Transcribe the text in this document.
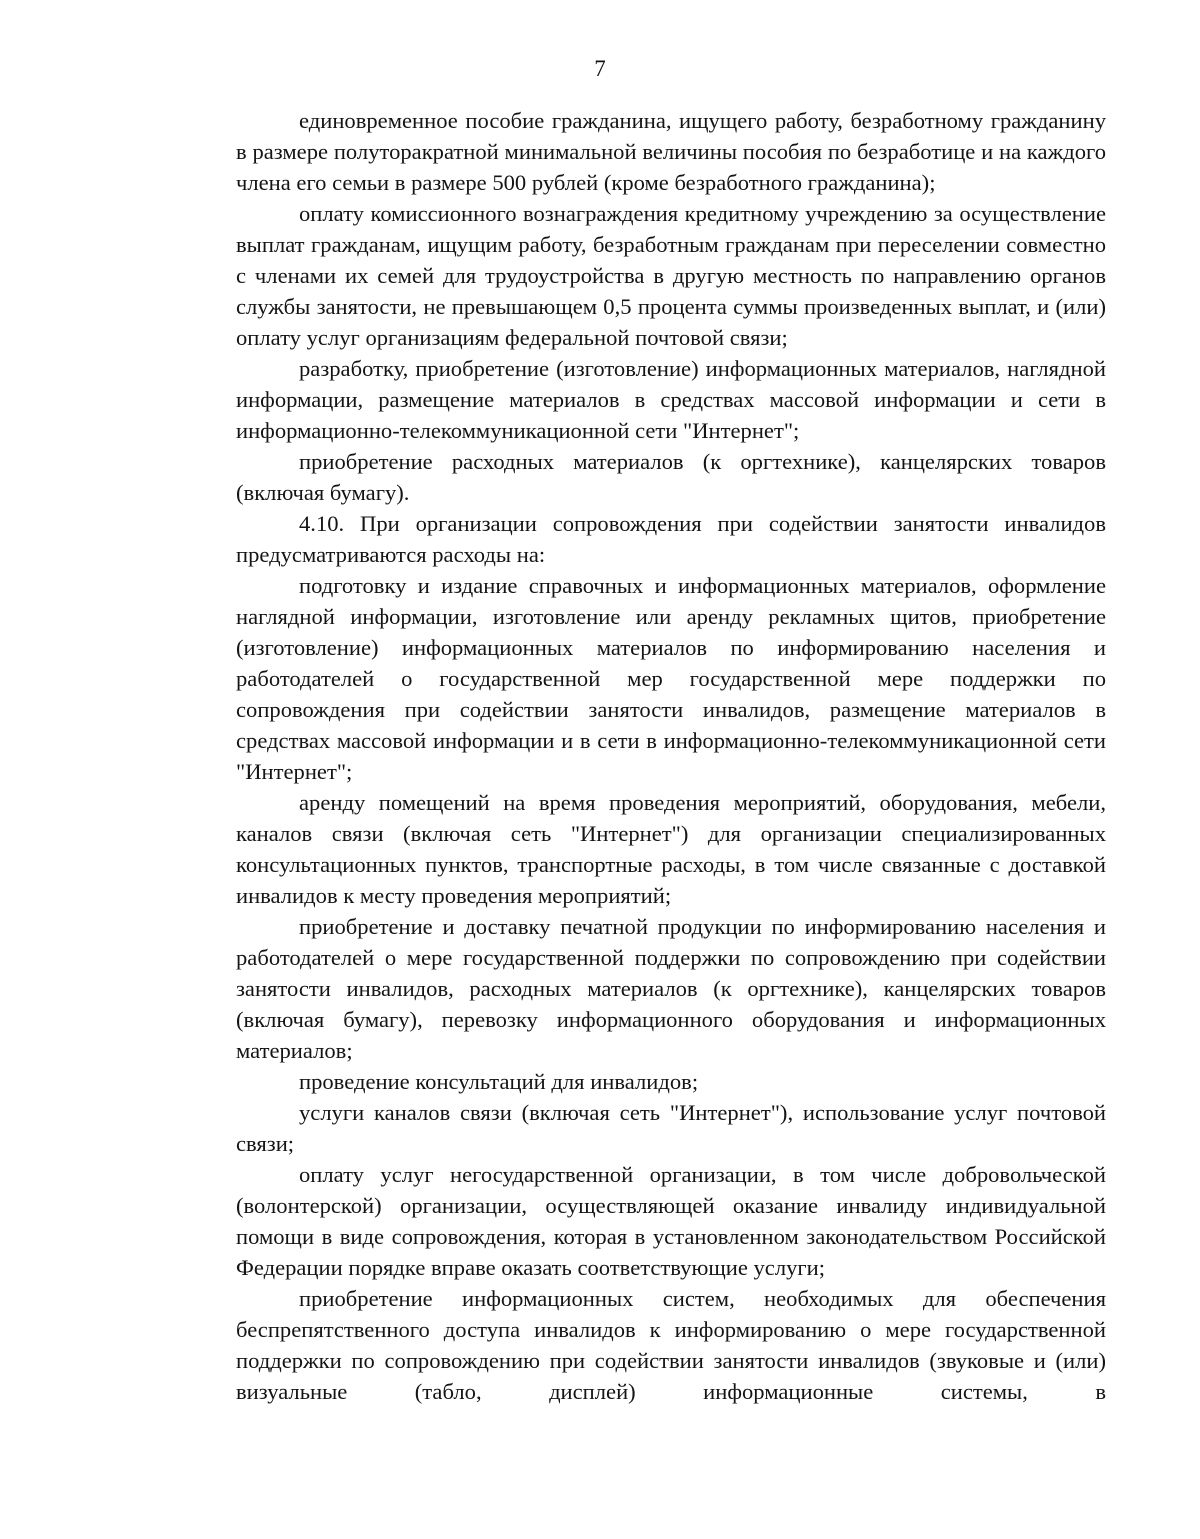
7

единовременное пособие гражданина, ищущего работу, безработному гражданину в размере полуторакратной минимальной величины пособия по безработице и на каждого члена его семьи в размере 500 рублей (кроме безработного гражданина);

оплату комиссионного вознаграждения кредитному учреждению за осуществление выплат гражданам, ищущим работу, безработным гражданам при переселении совместно с членами их семей для трудоустройства в другую местность по направлению органов службы занятости, не превышающем 0,5 процента суммы произведенных выплат, и (или) оплату услуг организациям федеральной почтовой связи;

разработку, приобретение (изготовление) информационных материалов, наглядной информации, размещение материалов в средствах массовой информации и сети в информационно-телекоммуникационной сети "Интернет";

приобретение расходных материалов (к оргтехнике), канцелярских товаров (включая бумагу).

4.10. При организации сопровождения при содействии занятости инвалидов предусматриваются расходы на:

подготовку и издание справочных и информационных материалов, оформление наглядной информации, изготовление или аренду рекламных щитов, приобретение (изготовление) информационных материалов по информированию населения и работодателей о государственной мер государственной мере поддержки по сопровождения при содействии занятости инвалидов, размещение материалов в средствах массовой информации и в сети в информационно-телекоммуникационной сети "Интернет";

аренду помещений на время проведения мероприятий, оборудования, мебели, каналов связи (включая сеть "Интернет") для организации специализированных консультационных пунктов, транспортные расходы, в том числе связанные с доставкой инвалидов к месту проведения мероприятий;

приобретение и доставку печатной продукции по информированию населения и работодателей о мере государственной поддержки по сопровождению при содействии занятости инвалидов, расходных материалов (к оргтехнике), канцелярских товаров (включая бумагу), перевозку информационного оборудования и информационных материалов;

проведение консультаций для инвалидов;

услуги каналов связи (включая сеть "Интернет"), использование услуг почтовой связи;

оплату услуг негосударственной организации, в том числе добровольческой (волонтерской) организации, осуществляющей оказание инвалиду индивидуальной помощи в виде сопровождения, которая в установленном законодательством Российской Федерации порядке вправе оказать соответствующие услуги;

приобретение информационных систем, необходимых для обеспечения беспрепятственного доступа инвалидов к информированию о мере государственной поддержки по сопровождению при содействии занятости инвалидов (звуковые и (или) визуальные (табло, дисплей) информационные системы, в
